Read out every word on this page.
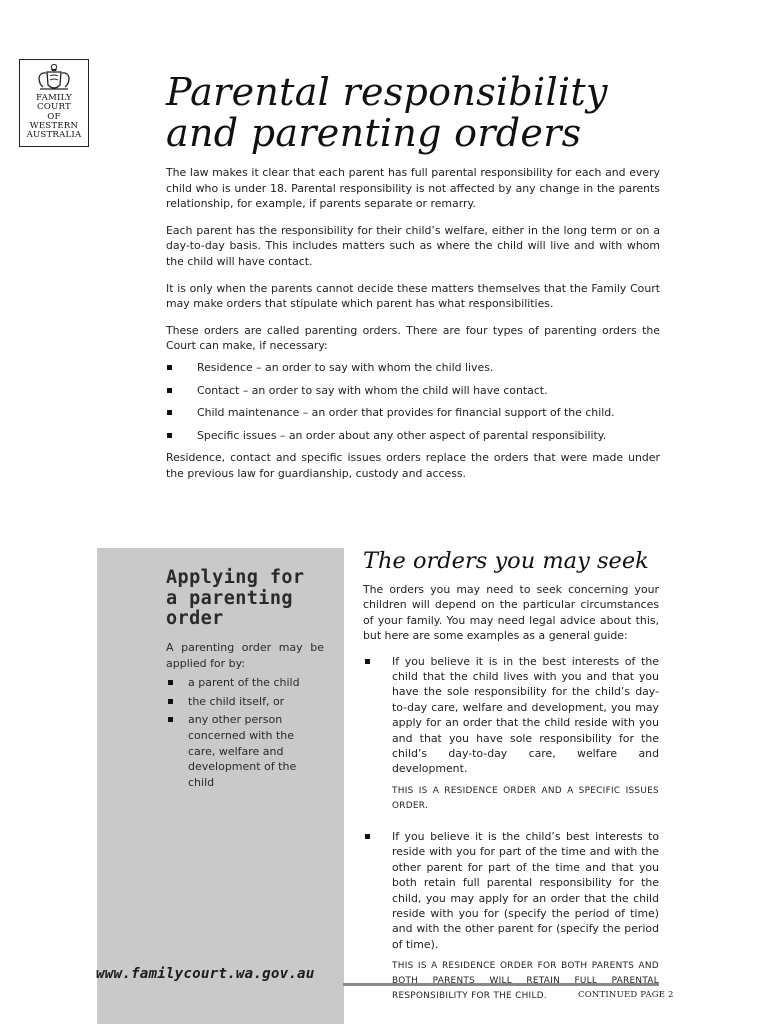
FAMILY
COURT
OF
WESTERN
AUSTRALIA
Parental responsibility
and parenting orders

The law makes it clear that each parent has full parental responsibility for each and every child who is under 18. Parental responsibility is not affected by any change in the parents relationship, for example, if parents separate or remarry.

Each parent has the responsibility for their child’s welfare, either in the long term or on a day-to-day basis. This includes matters such as where the child will live and with whom the child will have contact.

It is only when the parents cannot decide these matters themselves that the Family Court may make orders that stipulate which parent has what responsibilities.

These orders are called parenting orders. There are four types of parenting orders the Court can make, if necessary:

Residence – an order to say with whom the child lives.
Contact – an order to say with whom the child will have contact.
Child maintenance – an order that provides for financial support of the child.
Specific issues – an order about any other aspect of parental responsibility.

Residence, contact and specific issues orders replace the orders that were made under the previous law for guardianship, custody and access.

Applying for
a parenting
order

A parenting order may be applied for by:

a parent of the child
the child itself, or
any other person concerned with the care, welfare and development of the child
www.familycourt.wa.gov.au
The orders you may seek

The orders you may need to seek concerning your children will depend on the particular circumstances of your family. You may need legal advice about this, but here are some examples as a general guide:

If you believe it is in the best interests of the child that the child lives with you and that you have the sole responsibility for the child’s day-to-day care, welfare and development, you may apply for an order that the child reside with you and that you have sole responsibility for the child’s day-to-day care, welfare and development.

THIS IS A RESIDENCE ORDER AND A SPECIFIC ISSUES ORDER.

If you believe it is the child’s best interests to reside with you for part of the time and with the other parent for part of the time and that you both retain full parental responsibility for the child, you may apply for an order that the child reside with you for (specify the period of time) and with the other parent for (specify the period of time).

THIS IS A RESIDENCE ORDER FOR BOTH PARENTS AND BOTH PARENTS WILL RETAIN FULL PARENTAL RESPONSIBILITY FOR THE CHILD.	CONTINUED PAGE 2
